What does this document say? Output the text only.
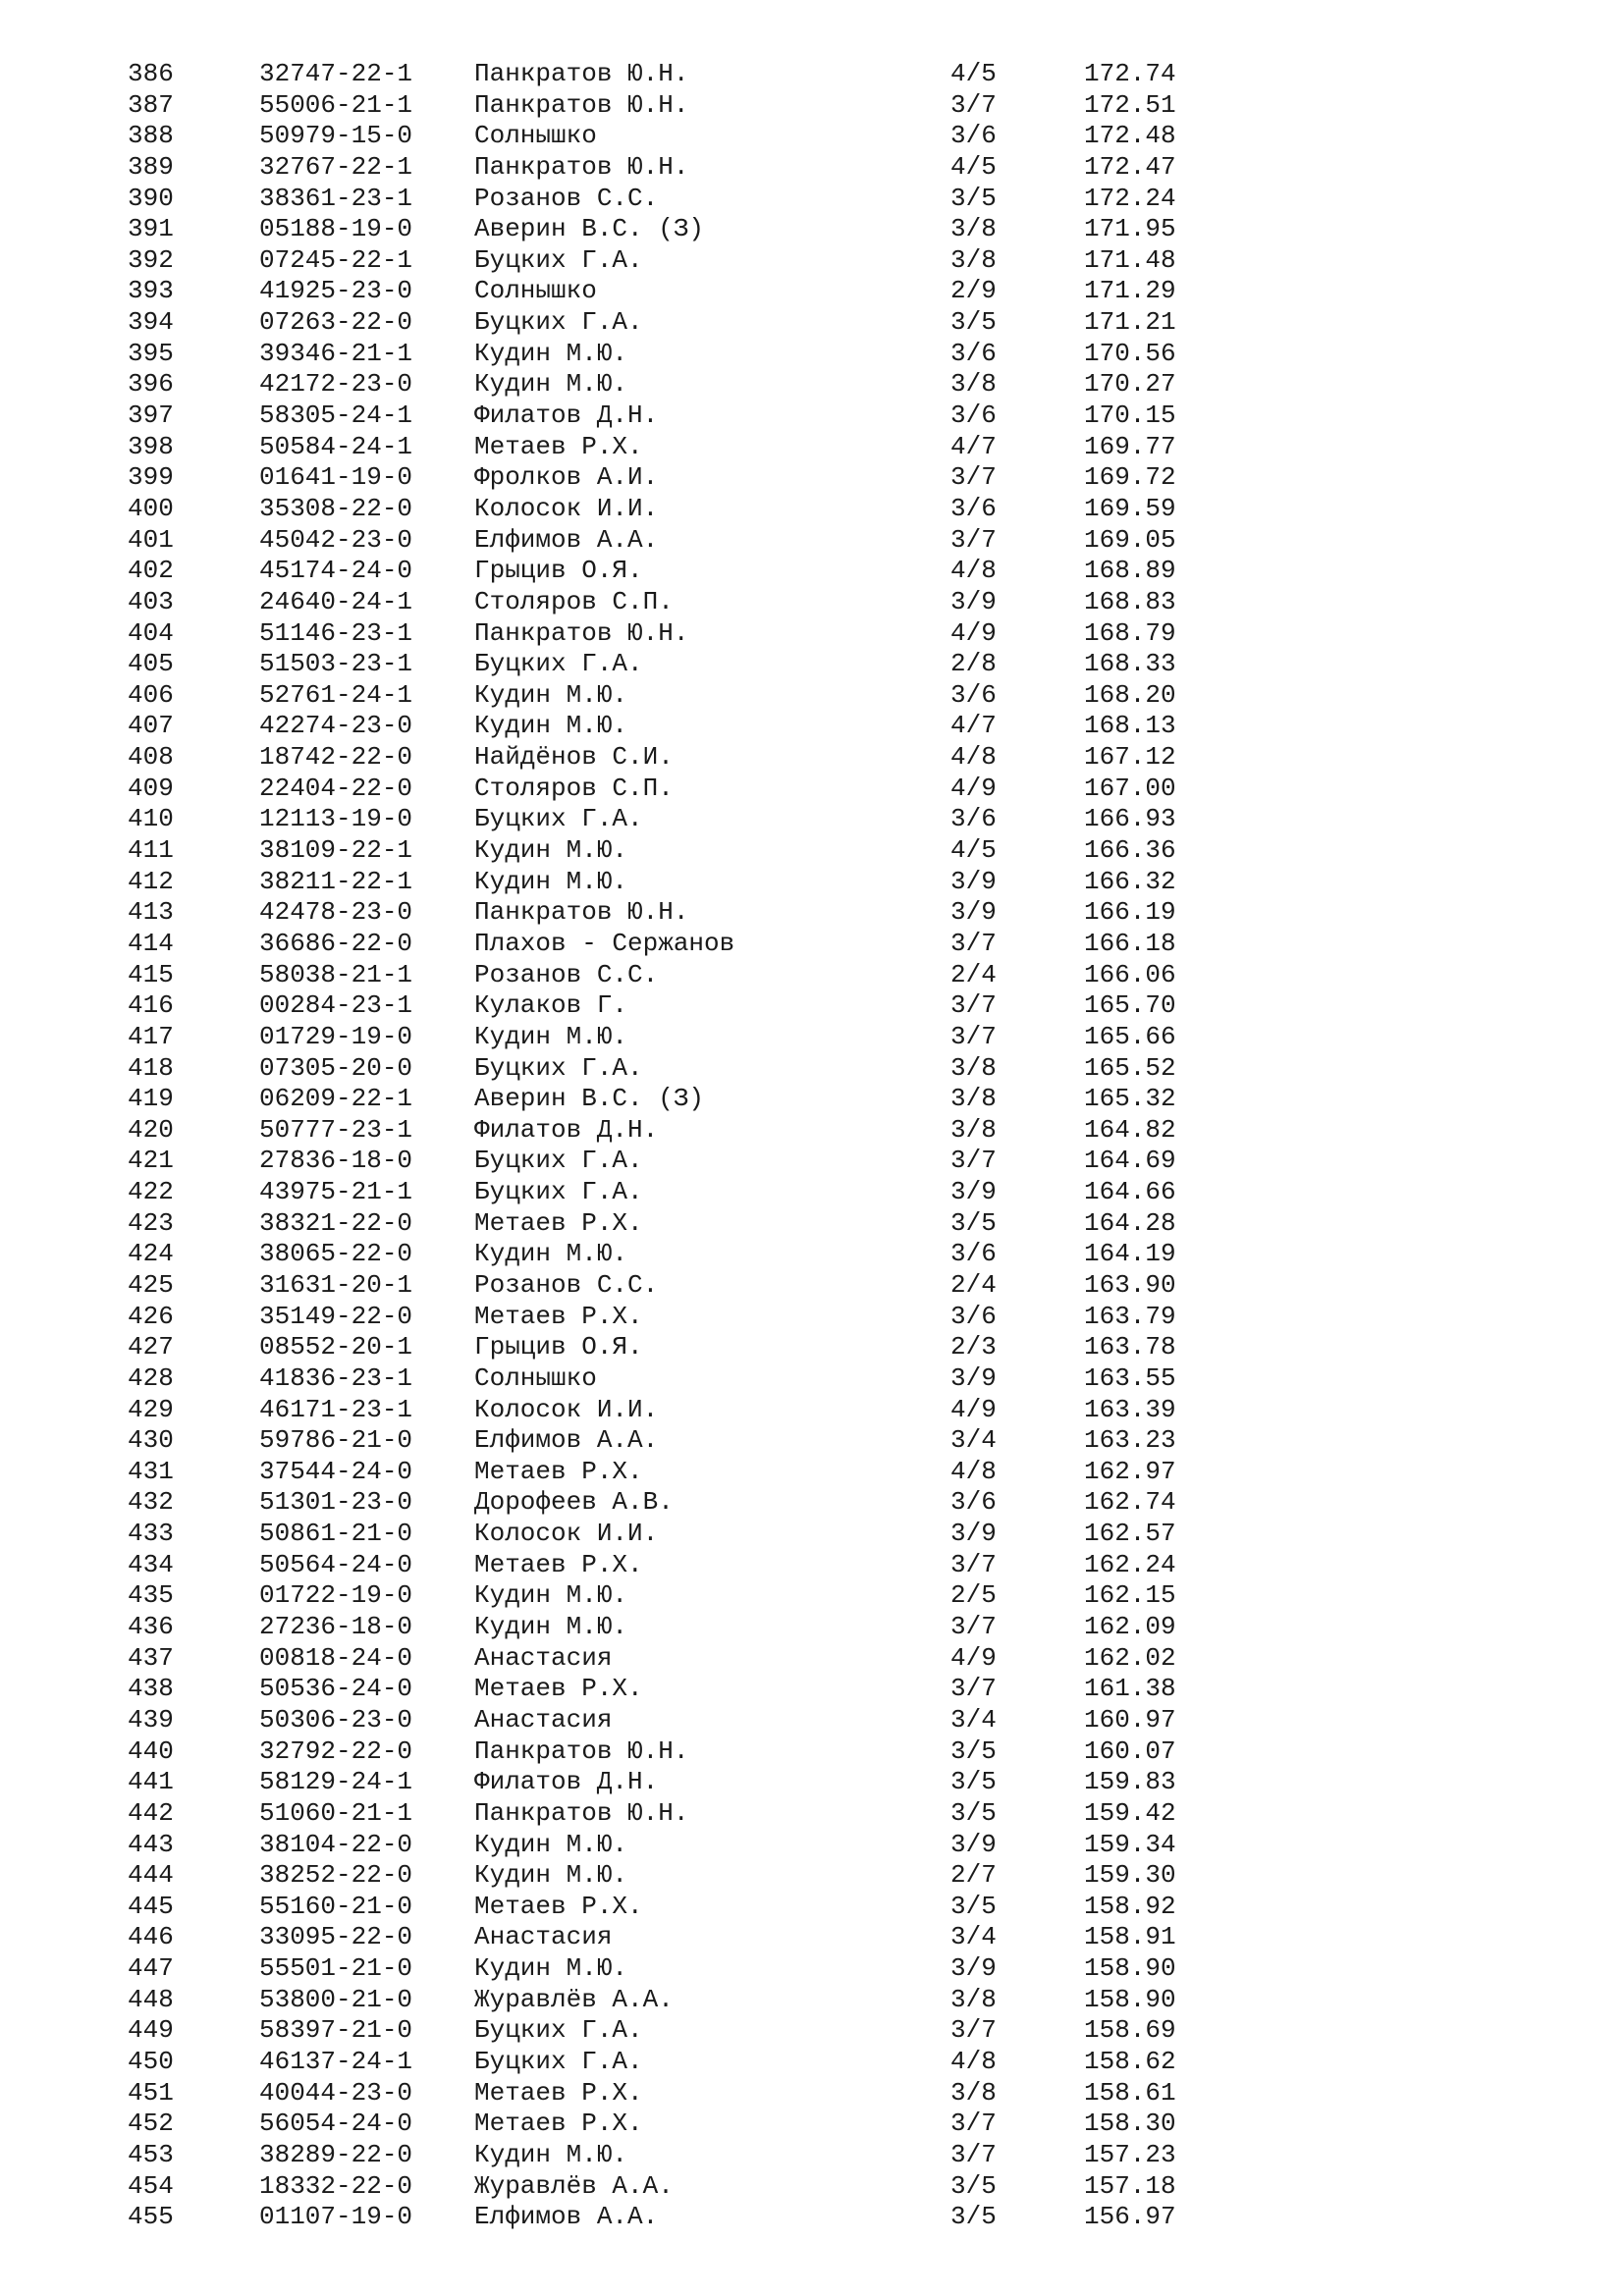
386	32747-22-1 Панкратов Ю.Н.	4/5	172.74
387	55006-21-1 Панкратов Ю.Н.	3/7	172.51
388	50979-15-0 Солнышко	3/6	172.48
389	32767-22-1 Панкратов Ю.Н.	4/5	172.47
390	38361-23-1 Розанов С.С.	3/5	172.24
391	05188-19-0 Аверин В.С. (З)	3/8	171.95
392	07245-22-1 Буцких Г.А.	3/8	171.48
393	41925-23-0 Солнышко	2/9	171.29
394	07263-22-0 Буцких Г.А.	3/5	171.21
395	39346-21-1 Кудин М.Ю.	3/6	170.56
396	42172-23-0 Кудин М.Ю.	3/8	170.27
397	58305-24-1 Филатов Д.Н.	3/6	170.15
398	50584-24-1 Метаев Р.Х.	4/7	169.77
399	01641-19-0 Фролков А.И.	3/7	169.72
400	35308-22-0 Колосок И.И.	3/6	169.59
401	45042-23-0 Елфимов А.А.	3/7	169.05
402	45174-24-0 Грыцив О.Я.	4/8	168.89
403	24640-24-1 Столяров С.П.	3/9	168.83
404	51146-23-1 Панкратов Ю.Н.	4/9	168.79
405	51503-23-1 Буцких Г.А.	2/8	168.33
406	52761-24-1 Кудин М.Ю.	3/6	168.20
407	42274-23-0 Кудин М.Ю.	4/7	168.13
408	18742-22-0 Найдёнов С.И.	4/8	167.12
409	22404-22-0 Столяров С.П.	4/9	167.00
410	12113-19-0 Буцких Г.А.	3/6	166.93
411	38109-22-1 Кудин М.Ю.	4/5	166.36
412	38211-22-1 Кудин М.Ю.	3/9	166.32
413	42478-23-0 Панкратов Ю.Н.	3/9	166.19
414	36686-22-0 Плахов - Сержанов	3/7	166.18
415	58038-21-1 Розанов С.С.	2/4	166.06
416	00284-23-1 Кулаков Г.	3/7	165.70
417	01729-19-0 Кудин М.Ю.	3/7	165.66
418	07305-20-0 Буцких Г.А.	3/8	165.52
419	06209-22-1 Аверин В.С. (З)	3/8	165.32
420	50777-23-1 Филатов Д.Н.	3/8	164.82
421	27836-18-0 Буцких Г.А.	3/7	164.69
422	43975-21-1 Буцких Г.А.	3/9	164.66
423	38321-22-0 Метаев Р.Х.	3/5	164.28
424	38065-22-0 Кудин М.Ю.	3/6	164.19
425	31631-20-1 Розанов С.С.	2/4	163.90
426	35149-22-0 Метаев Р.Х.	3/6	163.79
427	08552-20-1 Грыцив О.Я.	2/3	163.78
428	41836-23-1 Солнышко	3/9	163.55
429	46171-23-1 Колосок И.И.	4/9	163.39
430	59786-21-0 Елфимов А.А.	3/4	163.23
431	37544-24-0 Метаев Р.Х.	4/8	162.97
432	51301-23-0 Дорофеев А.В.	3/6	162.74
433	50861-21-0 Колосок И.И.	3/9	162.57
434	50564-24-0 Метаев Р.Х.	3/7	162.24
435	01722-19-0 Кудин М.Ю.	2/5	162.15
436	27236-18-0 Кудин М.Ю.	3/7	162.09
437	00818-24-0 Анастасия	4/9	162.02
438	50536-24-0 Метаев Р.Х.	3/7	161.38
439	50306-23-0 Анастасия	3/4	160.97
440	32792-22-0 Панкратов Ю.Н.	3/5	160.07
441	58129-24-1 Филатов Д.Н.	3/5	159.83
442	51060-21-1 Панкратов Ю.Н.	3/5	159.42
443	38104-22-0 Кудин М.Ю.	3/9	159.34
444	38252-22-0 Кудин М.Ю.	2/7	159.30
445	55160-21-0 Метаев Р.Х.	3/5	158.92
446	33095-22-0 Анастасия	3/4	158.91
447	55501-21-0 Кудин М.Ю.	3/9	158.90
448	53800-21-0 Журавлёв А.А.	3/8	158.90
449	58397-21-0 Буцких Г.А.	3/7	158.69
450	46137-24-1 Буцких Г.А.	4/8	158.62
451	40044-23-0 Метаев Р.Х.	3/8	158.61
452	56054-24-0 Метаев Р.Х.	3/7	158.30
453	38289-22-0 Кудин М.Ю.	3/7	157.23
454	18332-22-0 Журавлёв А.А.	3/5	157.18
455	01107-19-0 Елфимов А.А.	3/5	156.97
